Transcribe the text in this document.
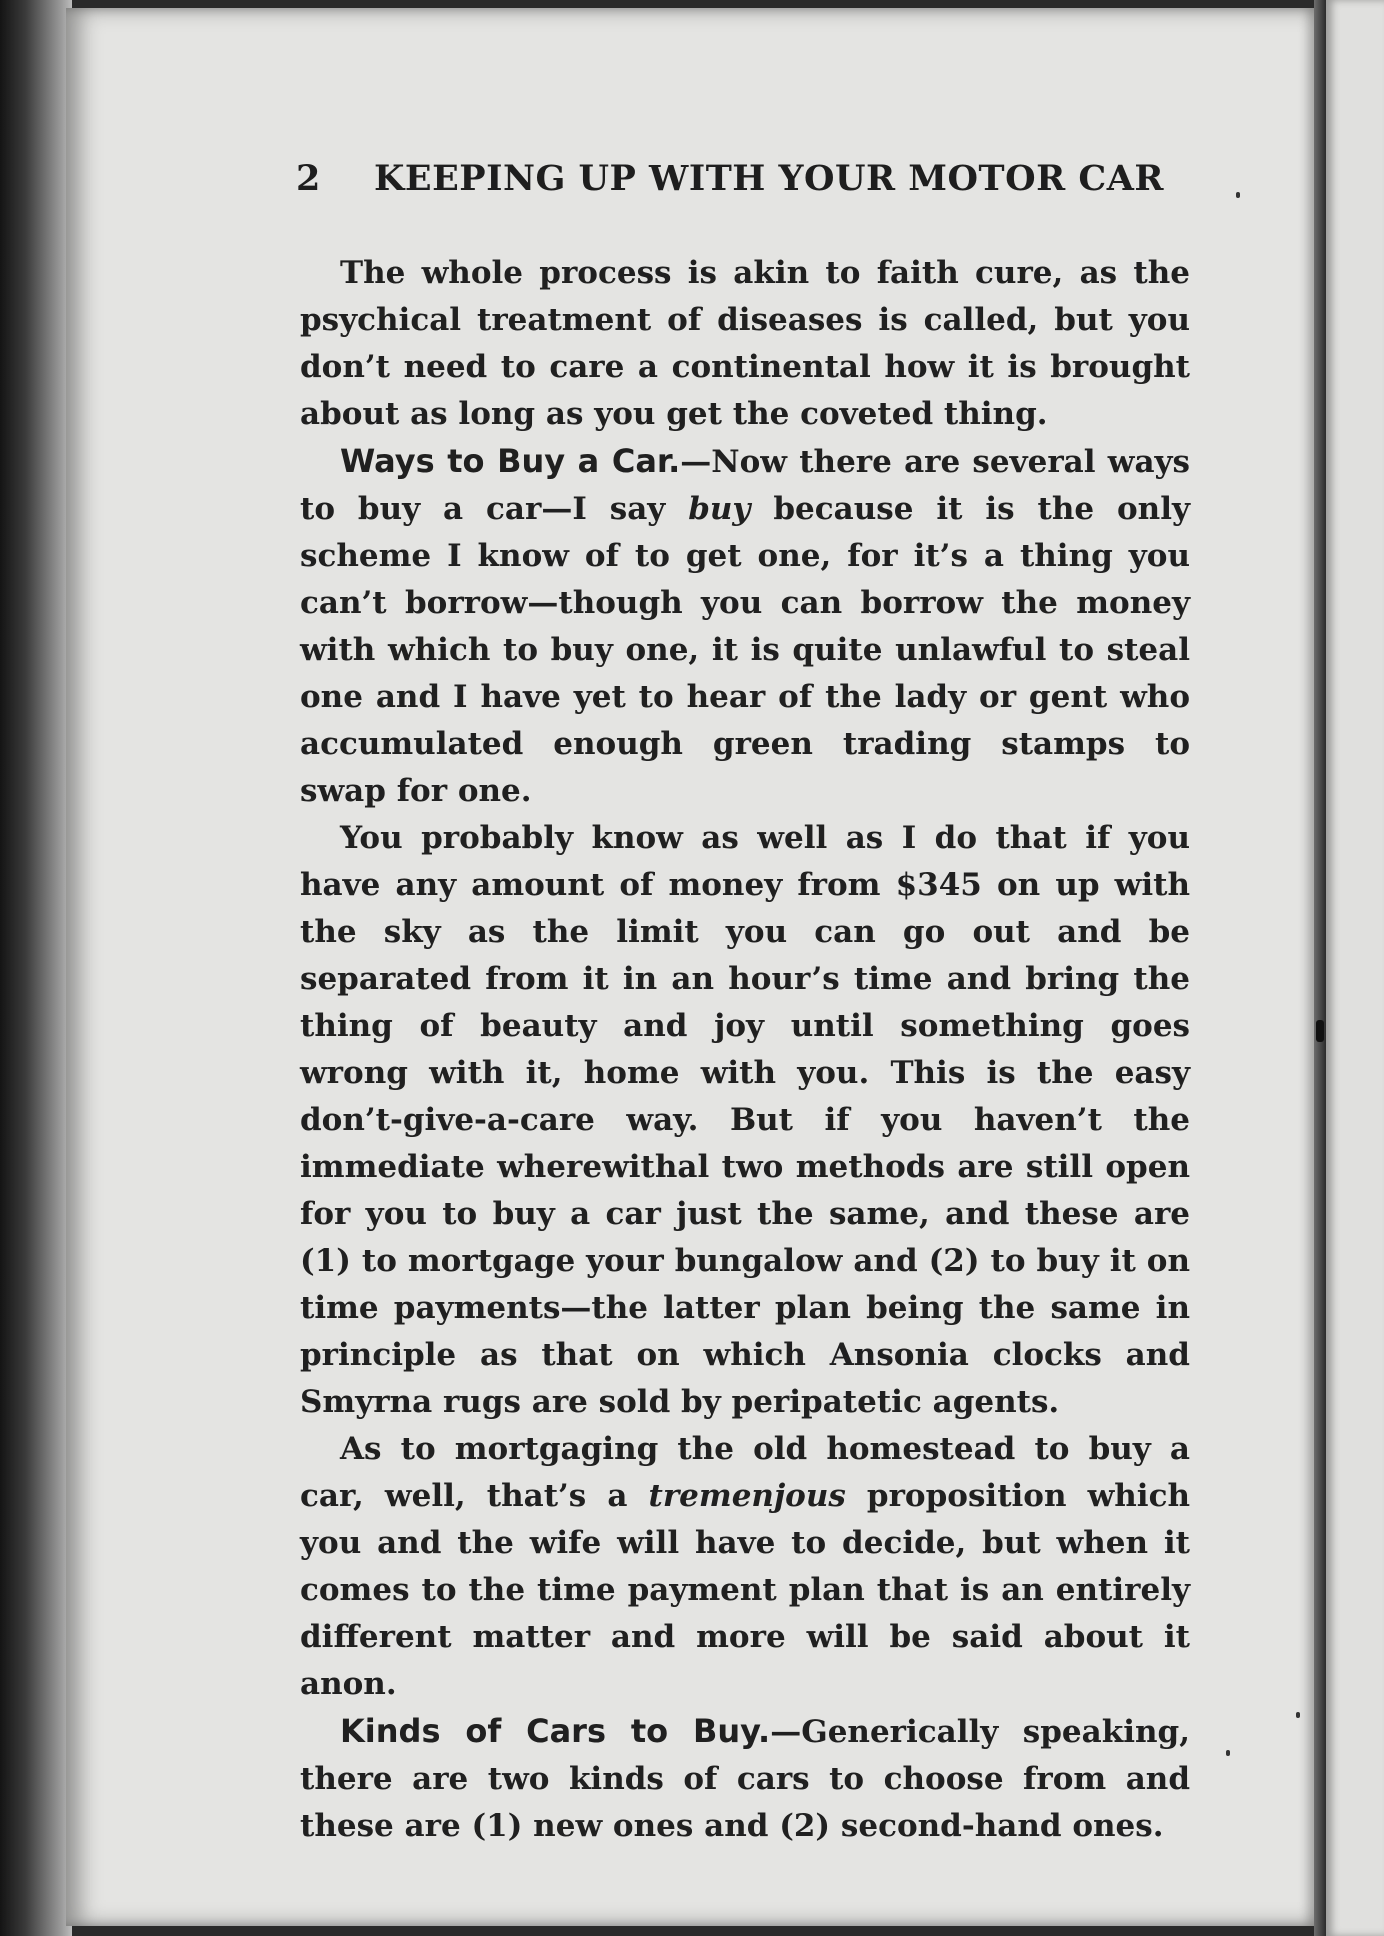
2 KEEPING UP WITH YOUR MOTOR CAR

The whole process is akin to faith cure, as the psychical treatment of diseases is called, but you don’t need to care a continental how it is brought about as long as you get the coveted thing.

Ways to Buy a Car.—Now there are several ways to buy a car—I say buy because it is the only scheme I know of to get one, for it’s a thing you can’t borrow—though you can borrow the money with which to buy one, it is quite unlawful to steal one and I have yet to hear of the lady or gent who accumulated enough green trading stamps to swap for one.

You probably know as well as I do that if you have any amount of money from $345 on up with the sky as the limit you can go out and be separated from it in an hour’s time and bring the thing of beauty and joy until something goes wrong with it, home with you. This is the easy don’t-give-a-care way. But if you haven’t the immediate wherewithal two methods are still open for you to buy a car just the same, and these are (1) to mortgage your bungalow and (2) to buy it on time payments—the latter plan being the same in principle as that on which Ansonia clocks and Smyrna rugs are sold by peripatetic agents.

As to mortgaging the old homestead to buy a car, well, that’s a tremenjous proposition which you and the wife will have to decide, but when it comes to the time payment plan that is an entirely different matter and more will be said about it anon.

Kinds of Cars to Buy.—Generically speaking, there are two kinds of cars to choose from and these are (1) new ones and (2) second-hand ones.
